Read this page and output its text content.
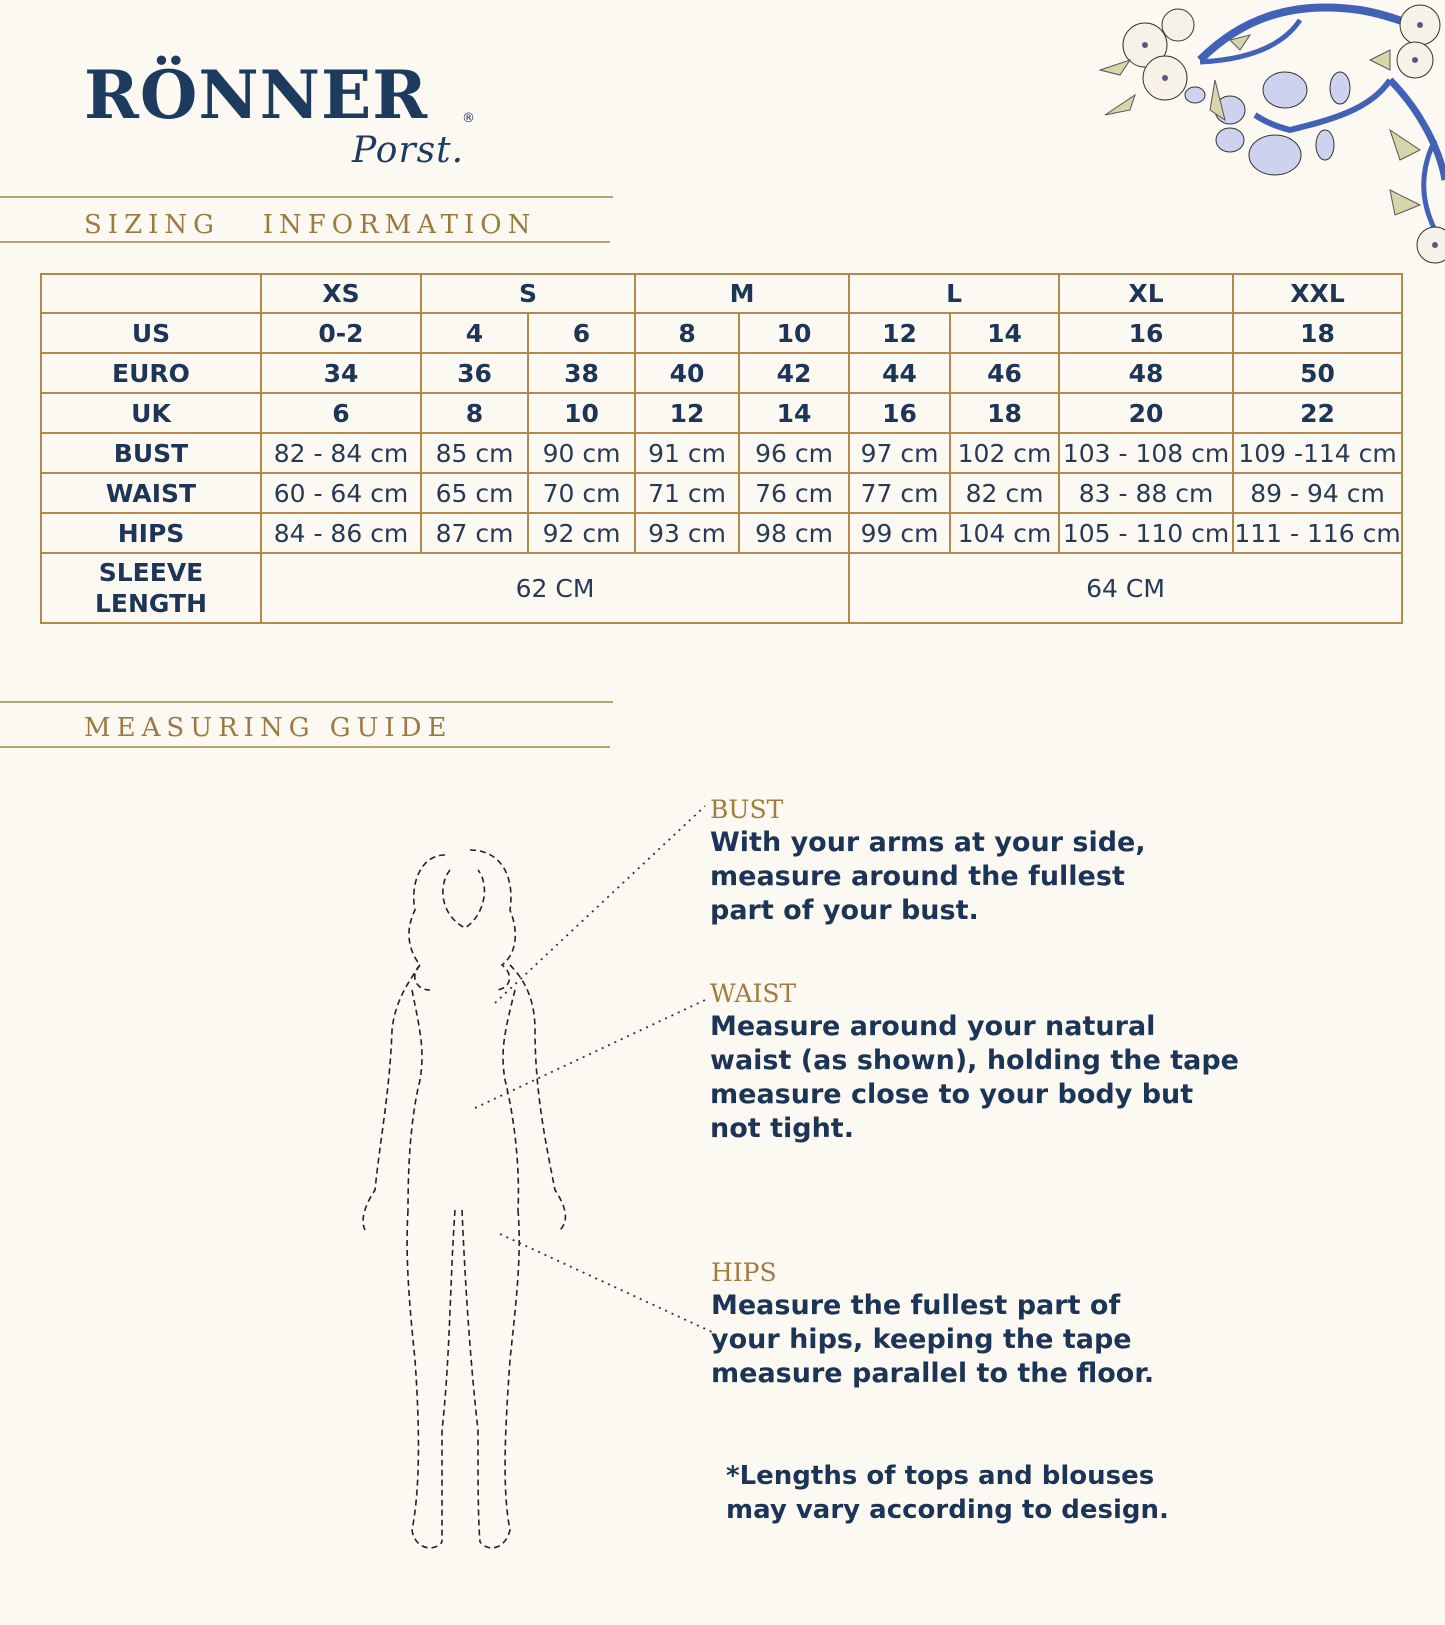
RÖNNER	®
Porst.
SIZING   INFORMATION
	XS	S		M		L		XL	XXL
US	0-2	4	6	8	10	12	14	16	18
EURO	34	36	38	40	42	44	46	48	50
UK	6	8	10	12	14	16	18	20	22
BUST	82 - 84 cm	85 cm	90 cm	91 cm	96 cm	97 cm	102 cm	103 - 108 cm	109 -114 cm
WAIST	60 - 64 cm	65 cm	70 cm	71 cm	76 cm	77 cm	82 cm	83 - 88 cm	89 - 94 cm
HIPS	84 - 86 cm	87 cm	92 cm	93 cm	98 cm	99 cm	104 cm	105 - 110 cm	111 - 116 cm

SLEEVE
LENGTH	62 CM					64 CM			
MEASURING GUIDE
BUST
With your arms at your side,
measure around the fullest
part of your bust.
WAIST
Measure around your natural
waist (as shown), holding the tape
measure close to your body but
not tight.
HIPS
Measure the fullest part of
your hips, keeping the tape
measure parallel to the floor.
*Lengths of tops and blouses
may vary according to design.
